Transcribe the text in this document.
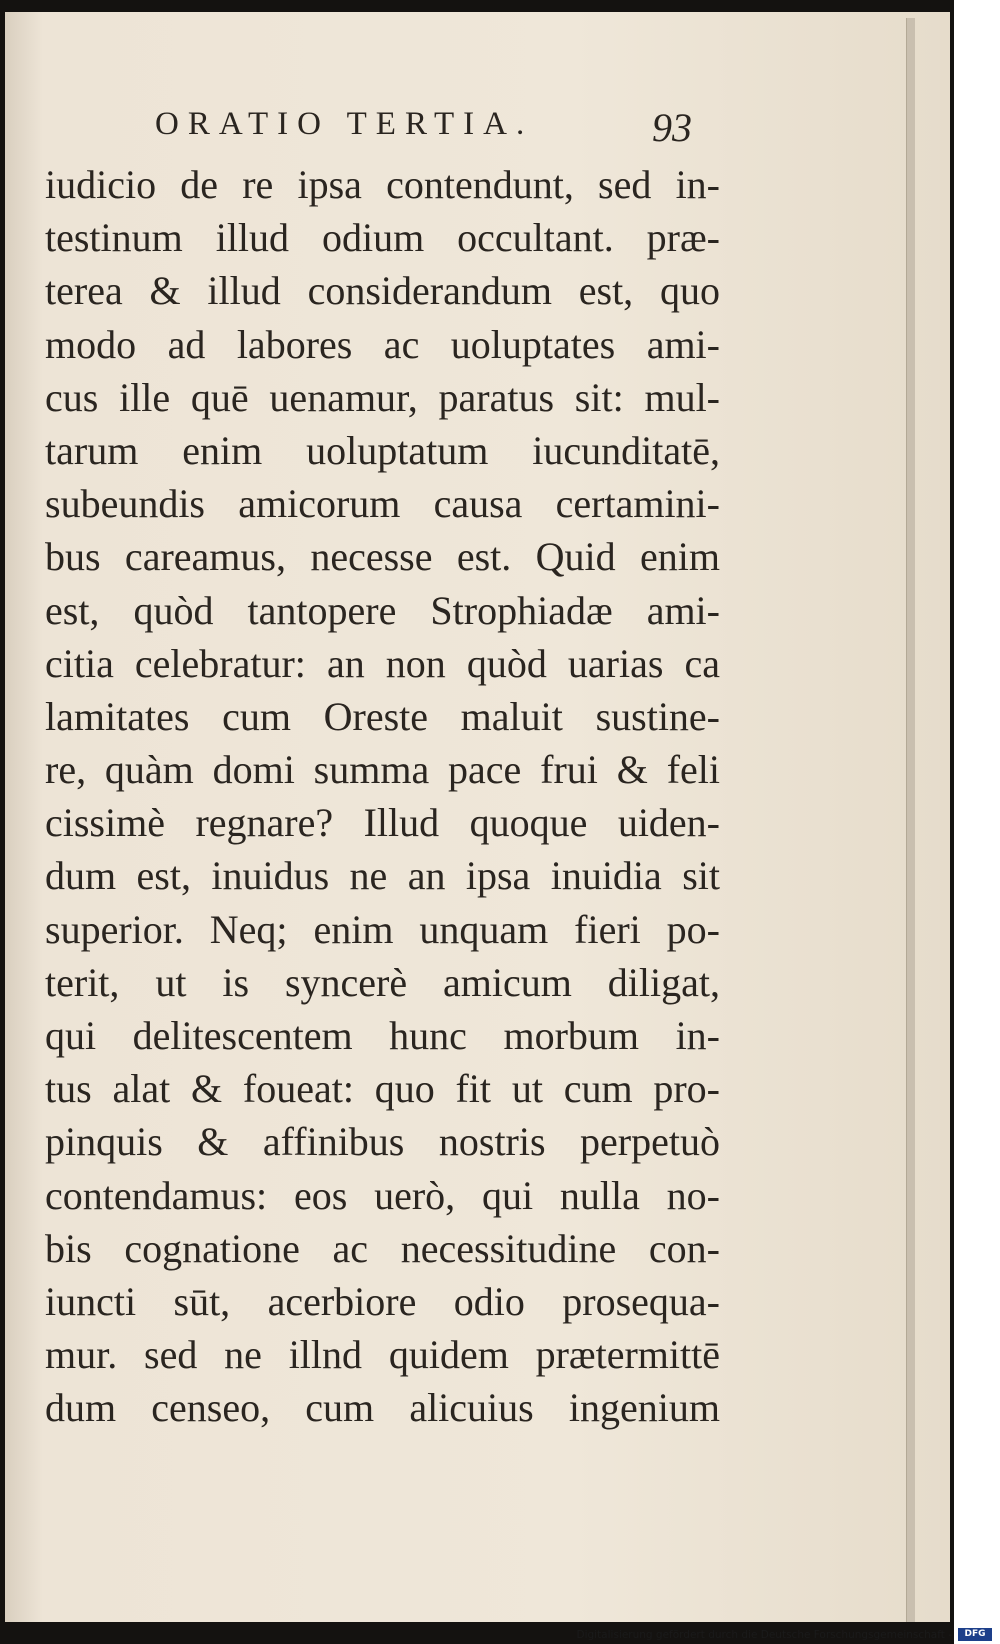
ORATIO TERTIA.	93
iudicio de re ipsa contendunt, sed in-
testinum illud odium occultant. præ-
terea & illud considerandum est, quo
modo ad labores ac uoluptates ami-
cus ille quē uenamur, paratus sit: mul-
tarum enim uoluptatum iucunditatē,
subeundis amicorum causa certamini-
bus careamus, necesse est. Quid enim
est, quòd tantopere Strophiadæ ami-
citia celebratur: an non quòd uarias ca
lamitates cum Oreste maluit sustine-
re, quàm domi summa pace frui & feli
cissimè regnare? Illud quoque uiden-
dum est, inuidus ne an ipsa inuidia sit
superior. Neq; enim unquam fieri po-
terit, ut is syncerè amicum diligat,
qui delitescentem hunc morbum in-
tus alat & foueat: quo fit ut cum pro-
pinquis & affinibus nostris perpetuò
contendamus: eos uerò, qui nulla no-
bis cognatione ac necessitudine con-
iuncti sūt, acerbiore odio prosequa-
mur. sed ne illnd quidem prætermittē
dum censeo, cum alicuius ingenium
Digitalisierung gefördert durch die Deutsche Forschungsgemeinschaft -	DFG
